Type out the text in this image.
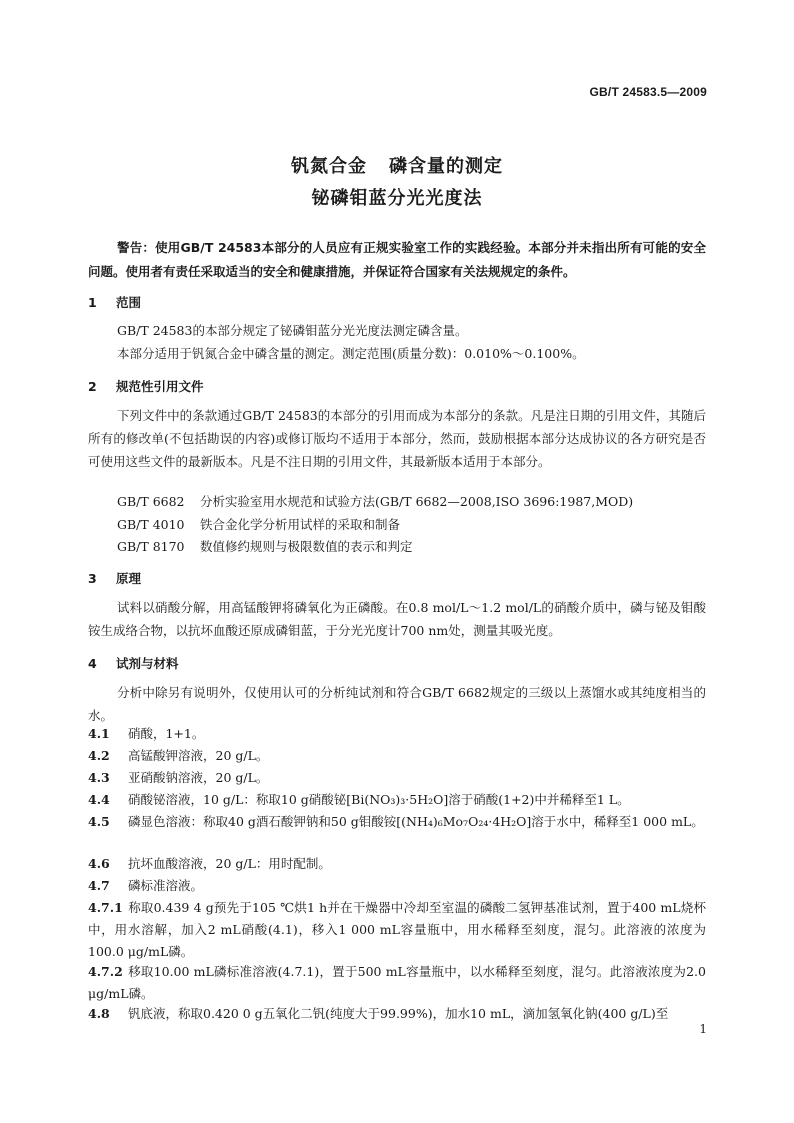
GB/T 24583.5—2009
钒氮合金 磷含量的测定
铋磷钼蓝分光光度法
警告：使用GB/T 24583本部分的人员应有正规实验室工作的实践经验。本部分并未指出所有可能的安全问题。使用者有责任采取适当的安全和健康措施，并保证符合国家有关法规规定的条件。
1 范围
GB/T 24583的本部分规定了铋磷钼蓝分光光度法测定磷含量。
本部分适用于钒氮合金中磷含量的测定。测定范围(质量分数)：0.010%～0.100%。
2 规范性引用文件
下列文件中的条款通过GB/T 24583的本部分的引用而成为本部分的条款。凡是注日期的引用文件，其随后所有的修改单(不包括勘误的内容)或修订版均不适用于本部分，然而，鼓励根据本部分达成协议的各方研究是否可使用这些文件的最新版本。凡是不注日期的引用文件，其最新版本适用于本部分。
GB/T 6682 分析实验室用水规范和试验方法(GB/T 6682—2008,ISO 3696:1987,MOD)
GB/T 4010 铁合金化学分析用试样的采取和制备
GB/T 8170 数值修约规则与极限数值的表示和判定
3 原理
试料以硝酸分解，用高锰酸钾将磷氧化为正磷酸。在0.8 mol/L～1.2 mol/L的硝酸介质中，磷与铋及钼酸铵生成络合物，以抗坏血酸还原成磷钼蓝，于分光光度计700 nm处，测量其吸光度。
4 试剂与材料
分析中除另有说明外，仅使用认可的分析纯试剂和符合GB/T 6682规定的三级以上蒸馏水或其纯度相当的水。
4.1 硝酸，1+1。
4.2 高锰酸钾溶液，20 g/L。
4.3 亚硝酸钠溶液，20 g/L。
4.4 硝酸铋溶液，10 g/L：称取10 g硝酸铋[Bi(NO₃)₃·5H₂O]溶于硝酸(1+2)中并稀释至1 L。
4.5 磷显色溶液：称取40 g酒石酸钾钠和50 g钼酸铵[(NH₄)₆Mo₇O₂₄·4H₂O]溶于水中，稀释至1 000 mL。
4.6 抗坏血酸溶液，20 g/L：用时配制。
4.7 磷标准溶液。
4.7.1 称取0.439 4 g预先于105 ℃烘1 h并在干燥器中冷却至室温的磷酸二氢钾基准试剂，置于400 mL烧杯中，用水溶解，加入2 mL硝酸(4.1)，移入1 000 mL容量瓶中，用水稀释至刻度，混匀。此溶液的浓度为100.0 μg/mL磷。
4.7.2 移取10.00 mL磷标准溶液(4.7.1)，置于500 mL容量瓶中，以水稀释至刻度，混匀。此溶液浓度为2.0 μg/mL磷。
4.8 钒底液，称取0.420 0 g五氧化二钒(纯度大于99.99%)，加水10 mL，滴加氢氧化钠(400 g/L)至
1
